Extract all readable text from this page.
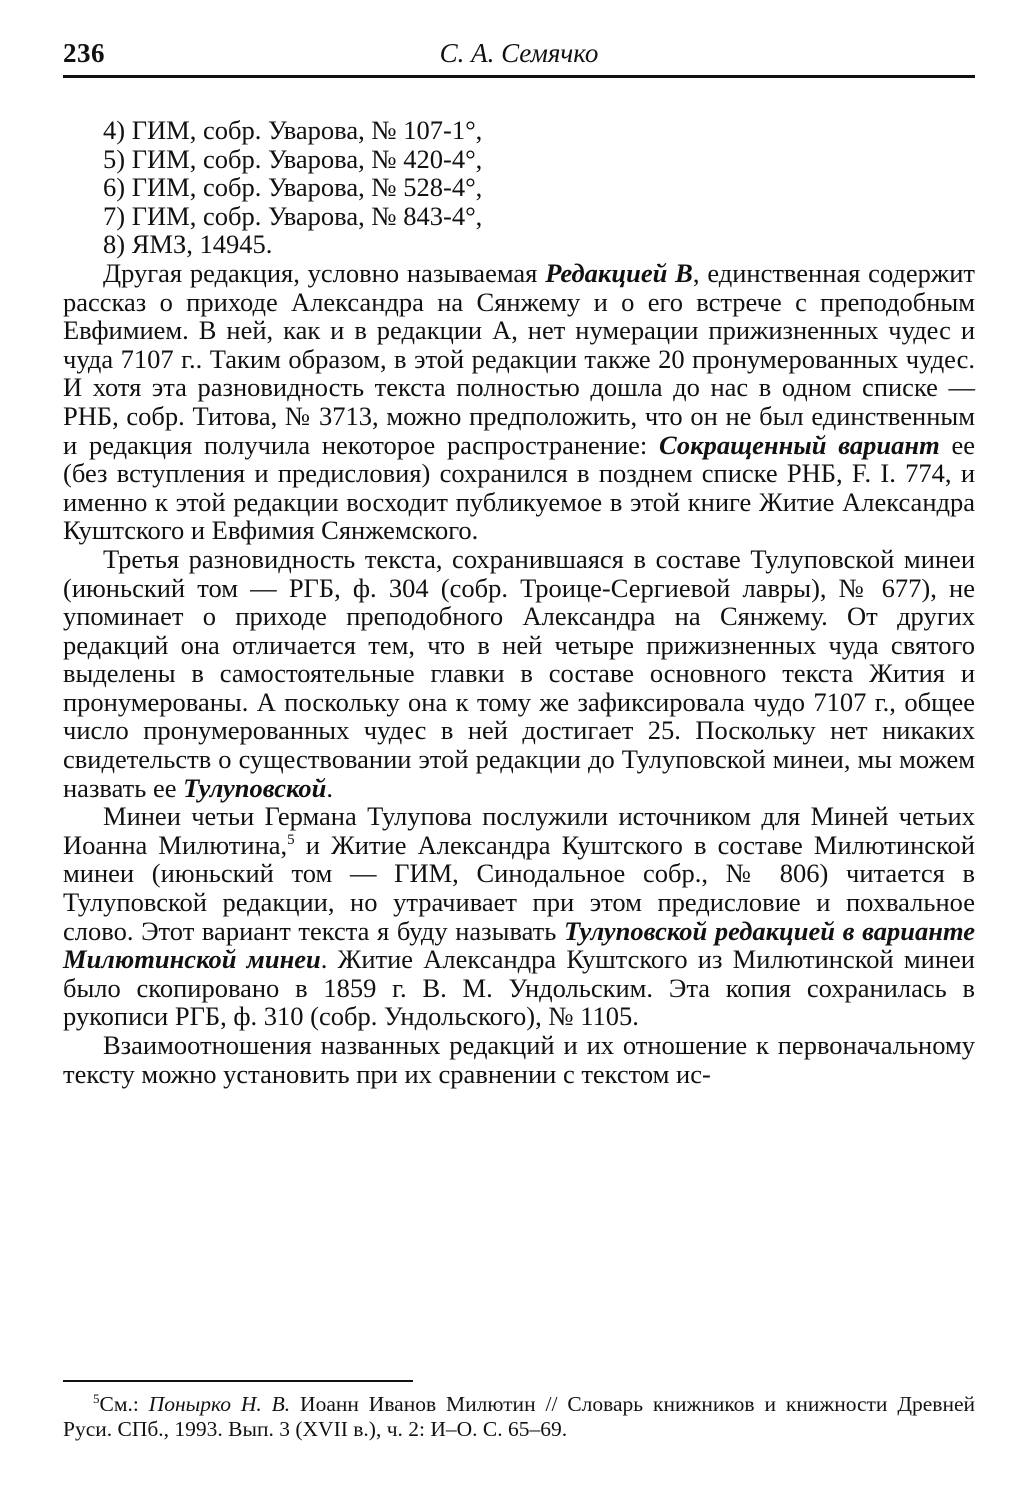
236	С. А. Семячко
4) ГИМ, собр. Уварова, № 107-1°,
5) ГИМ, собр. Уварова, № 420-4°,
6) ГИМ, собр. Уварова, № 528-4°,
7) ГИМ, собр. Уварова, № 843-4°,
8) ЯМЗ, 14945.

Другая редакция, условно называемая Редакцией В, единственная содержит рассказ о приходе Александра на Сянжему и о его встрече с преподобным Евфимием. В ней, как и в редакции А, нет нумерации прижизненных чудес и чуда 7107 г.. Таким образом, в этой редакции также 20 пронумерованных чудес. И хотя эта разновидность текста полностью дошла до нас в одном списке — РНБ, собр. Титова, № 3713, можно предположить, что он не был единственным и редакция получила некоторое распространение: Сокращенный вариант ее (без вступления и предисловия) сохранился в позднем списке РНБ, F. I. 774, и именно к этой редакции восходит публикуемое в этой книге Житие Александра Куштского и Евфимия Сянжемского.

Третья разновидность текста, сохранившаяся в составе Тулуповской минеи (июньский том — РГБ, ф. 304 (собр. Троице-Сергиевой лавры), № 677), не упоминает о приходе преподобного Александра на Сянжему. От других редакций она отличается тем, что в ней четыре прижизненных чуда святого выделены в самостоятельные главки в составе основного текста Жития и пронумерованы. А поскольку она к тому же зафиксировала чудо 7107 г., общее число пронумерованных чудес в ней достигает 25. Поскольку нет никаких свидетельств о существовании этой редакции до Тулуповской минеи, мы можем назвать ее Тулуповской.

Минеи четьи Германа Тулупова послужили источником для Миней четьих Иоанна Милютина,$^5$ и Житие Александра Куштского в составе Милютинской минеи (июньский том — ГИМ, Синодальное собр., № 806) читается в Тулуповской редакции, но утрачивает при этом предисловие и похвальное слово. Этот вариант текста я буду называть Тулуповской редакцией в варианте Милютинской минеи. Житие Александра Куштского из Милютинской минеи было скопировано в 1859 г. В. М. Ундольским. Эта копия сохранилась в рукописи РГБ, ф. 310 (собр. Ундольского), № 1105.

Взаимоотношения названных редакций и их отношение к первоначальному тексту можно установить при их сравнении с текстом ис-

$^5$См.: Понырко Н. В. Иоанн Иванов Милютин // Словарь книжников и книжности Древней Руси. СПб., 1993. Вып. 3 (XVII в.), ч. 2: И–О. С. 65–69.
